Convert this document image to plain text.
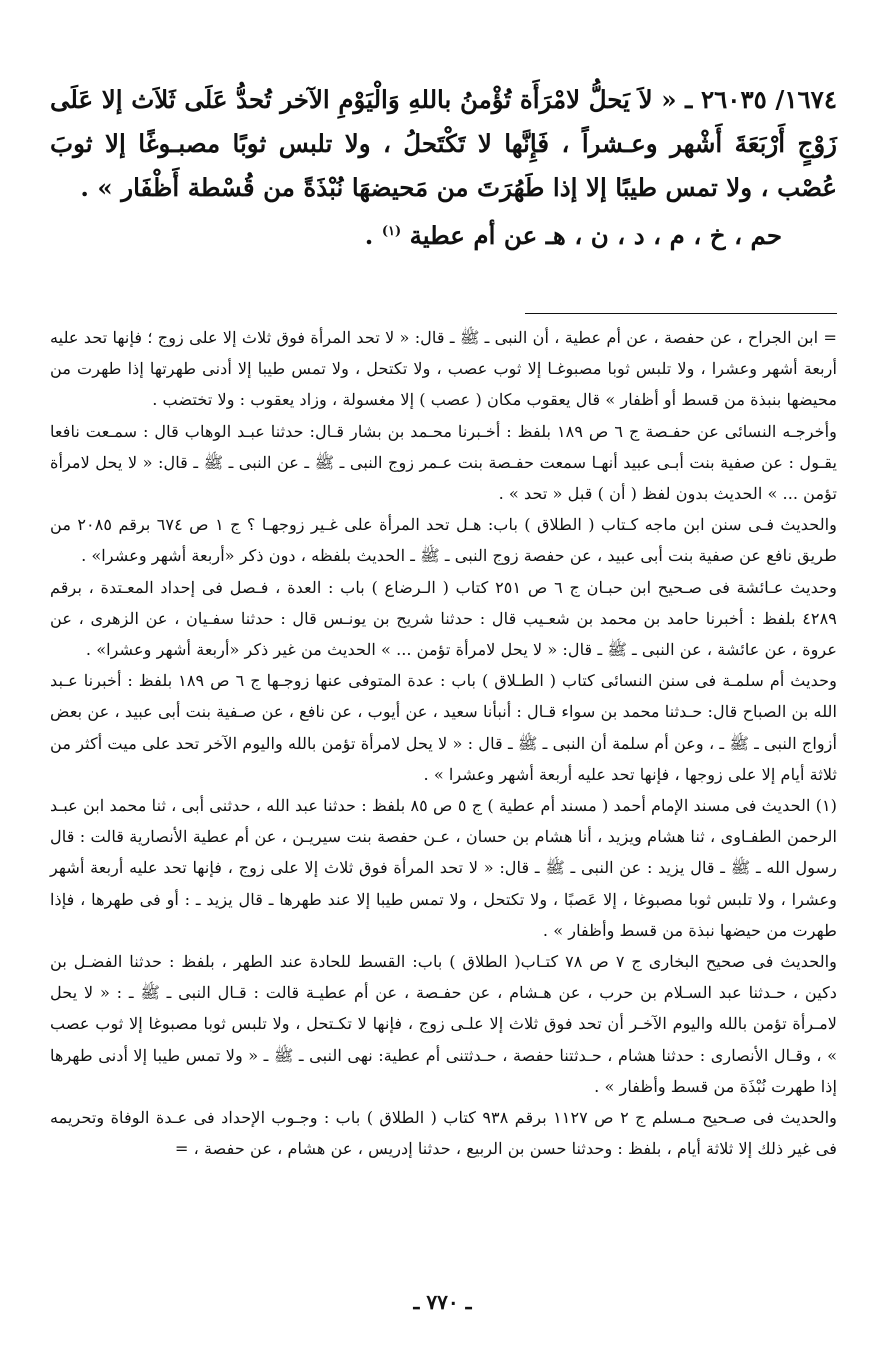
١٦٧٤/ ٢٦٠٣٥ ـ « لاَ يَحلُّ لامْرَأَة تُؤْمنُ باللهِ وَالْيَوْمِ الآخر تُحدُّ عَلَى ثَلاَث إلا عَلَى زَوْجٍ أَرْبَعَةَ أَشْهر وعـشراً ، فَإِنَّها لا تَكْتَحلُ ، ولا تلبس ثوبًا مصبـوغًا إلا ثوبَ عُصْب ، ولا تمس طيبًا إلا إذا طَهُرَتَ من مَحيضهَا نُبْذَةً من قُسْطة أَظْفَار » .

حم ، خ ، م ، د ، ن ، هـ عن أم عطية $^{(١)}$ .

= ابن الجراح ، عن حفصة ، عن أم عطية ، أن النبى ـ ﷺ ـ قال: « لا تحد المرأة فوق ثلاث إلا على زوج ؛ فإنها تحد عليه أربعة أشهر وعشرا ، ولا تلبس ثوبا مصبوغـا إلا ثوب عصب ، ولا تكتحل ، ولا تمس طيبا إلا أدنى طهرتها إذا طهرت من محيضها بنبذة من قسط أو أظفار » قال يعقوب مكان ( عصب ) إلا مغسولة ، وزاد يعقوب : ولا تختضب .

وأخرجـه النسائى عن حفـصة ج ٦ ص ١٨٩ بلفظ : أخـبرنا محـمد بن بشار قـال: حدثنا عبـد الوهاب قال : سمـعت نافعا يقـول : عن صفية بنت أبـى عبيد أنهـا سمعت حفـصة بنت عـمر زوج النبى ـ ﷺ ـ عن النبى ـ ﷺ ـ قال: « لا يحل لامرأة تؤمن ... » الحديث بدون لفظ ( أن ) قبل « تحد » .

والحديث فـى سنن ابن ماجه كـتاب ( الطلاق ) باب: هـل تحد المرأة على غـير زوجهـا ؟ ج ١ ص ٦٧٤ برقم ٢٠٨٥ من طريق نافع عن صفية بنت أبى عبيد ، عن حفصة زوج النبى ـ ﷺ ـ الحديث بلفظه ، دون ذكر «أربعة أشهر وعشرا» .

وحديث عـائشة فى صـحيح ابن حبـان ج ٦ ص ٢٥١ كتاب ( الـرضاع ) باب : العدة ، فـصل فى إحداد المعـتدة ، برقم ٤٢٨٩ بلفظ : أخبرنا حامد بن محمد بن شعـيب قال : حدثنا شريح بن يونـس قال : حدثنا سفـيان ، عن الزهرى ، عن عروة ، عن عائشة ، عن النبى ـ ﷺ ـ قال: « لا يحل لامرأة تؤمن ... » الحديث من غير ذكر «أربعة أشهر وعشرا» .

وحديث أم سلمـة فى سنن النسائى كتاب ( الطـلاق ) باب : عدة المتوفى عنها زوجـها ج ٦ ص ١٨٩ بلفظ : أخبرنا عـبد الله بن الصباح قال: حـدثنا محمد بن سواء قـال : أنبأنا سعيد ، عن أيوب ، عن نافع ، عن صـفية بنت أبى عبيد ، عن بعض أزواج النبى ـ ﷺ ـ ، وعن أم سلمة أن النبى ـ ﷺ ـ قال : « لا يحل لامرأة تؤمن بالله واليوم الآخر تحد على ميت أكثر من ثلاثة أيام إلا على زوجها ، فإنها تحد عليه أربعة أشهر وعشرا » .

(١) الحديث فى مسند الإمام أحمد ( مسند أم عطية ) ج ٥ ص ٨٥ بلفظ : حدثنا عبد الله ، حدثنى أبى ، ثنا محمد ابن عبـد الرحمن الطفـاوى ، ثنا هشام ويزيد ، أنا هشام بن حسان ، عـن حفصة بنت سيريـن ، عن أم عطية الأنصارية قالت : قال رسول الله ـ ﷺ ـ قال يزيد : عن النبى ـ ﷺ ـ قال: « لا تحد المرأة فوق ثلاث إلا على زوج ، فإنها تحد عليه أربعة أشهر وعشرا ، ولا تلبس ثوبا مصبوغا ، إلا عَصبًا ، ولا تكتحل ، ولا تمس طيبا إلا عند طهرها ـ قال يزيد ـ : أو فى طهرها ، فإذا طهرت من حيضها نبذة من قسط وأظفار » .

والحديث فى صحيح البخارى ج ٧ ص ٧٨ كتـاب( الطلاق ) باب: القسط للحادة عند الطهر ، بلفظ : حدثنا الفضـل بن دكين ، حـدثنا عبد السـلام بن حرب ، عن هـشام ، عن حفـصة ، عن أم عطيـة قالت : قـال النبى ـ ﷺ ـ : « لا يحل لامـرأة تؤمن بالله واليوم الآخـر أن تحد فوق ثلاث إلا علـى زوج ، فإنها لا تكـتحل ، ولا تلبس ثوبا مصبوغا إلا ثوب عصب » ، وقـال الأنصارى : حدثنا هشام ، حـدثتنا حفصة ، حـدثتنى أم عطية: نهى النبى ـ ﷺ ـ « ولا تمس طيبا إلا أدنى طهرها إذا طهرت نُبْذَة من قسط وأظفار » .

والحديث فى صـحيح مـسلم ج ٢ ص ١١٢٧ برقم ٩٣٨ كتاب ( الطلاق ) باب : وجـوب الإحداد فى عـدة الوفاة وتحريمه فى غير ذلك إلا ثلاثة أيام ، بلفظ : وحدثنا حسن بن الربيع ، حدثنا إدريس ، عن هشام ، عن حفصة ، =

ـ ٧٧٠ ـ
